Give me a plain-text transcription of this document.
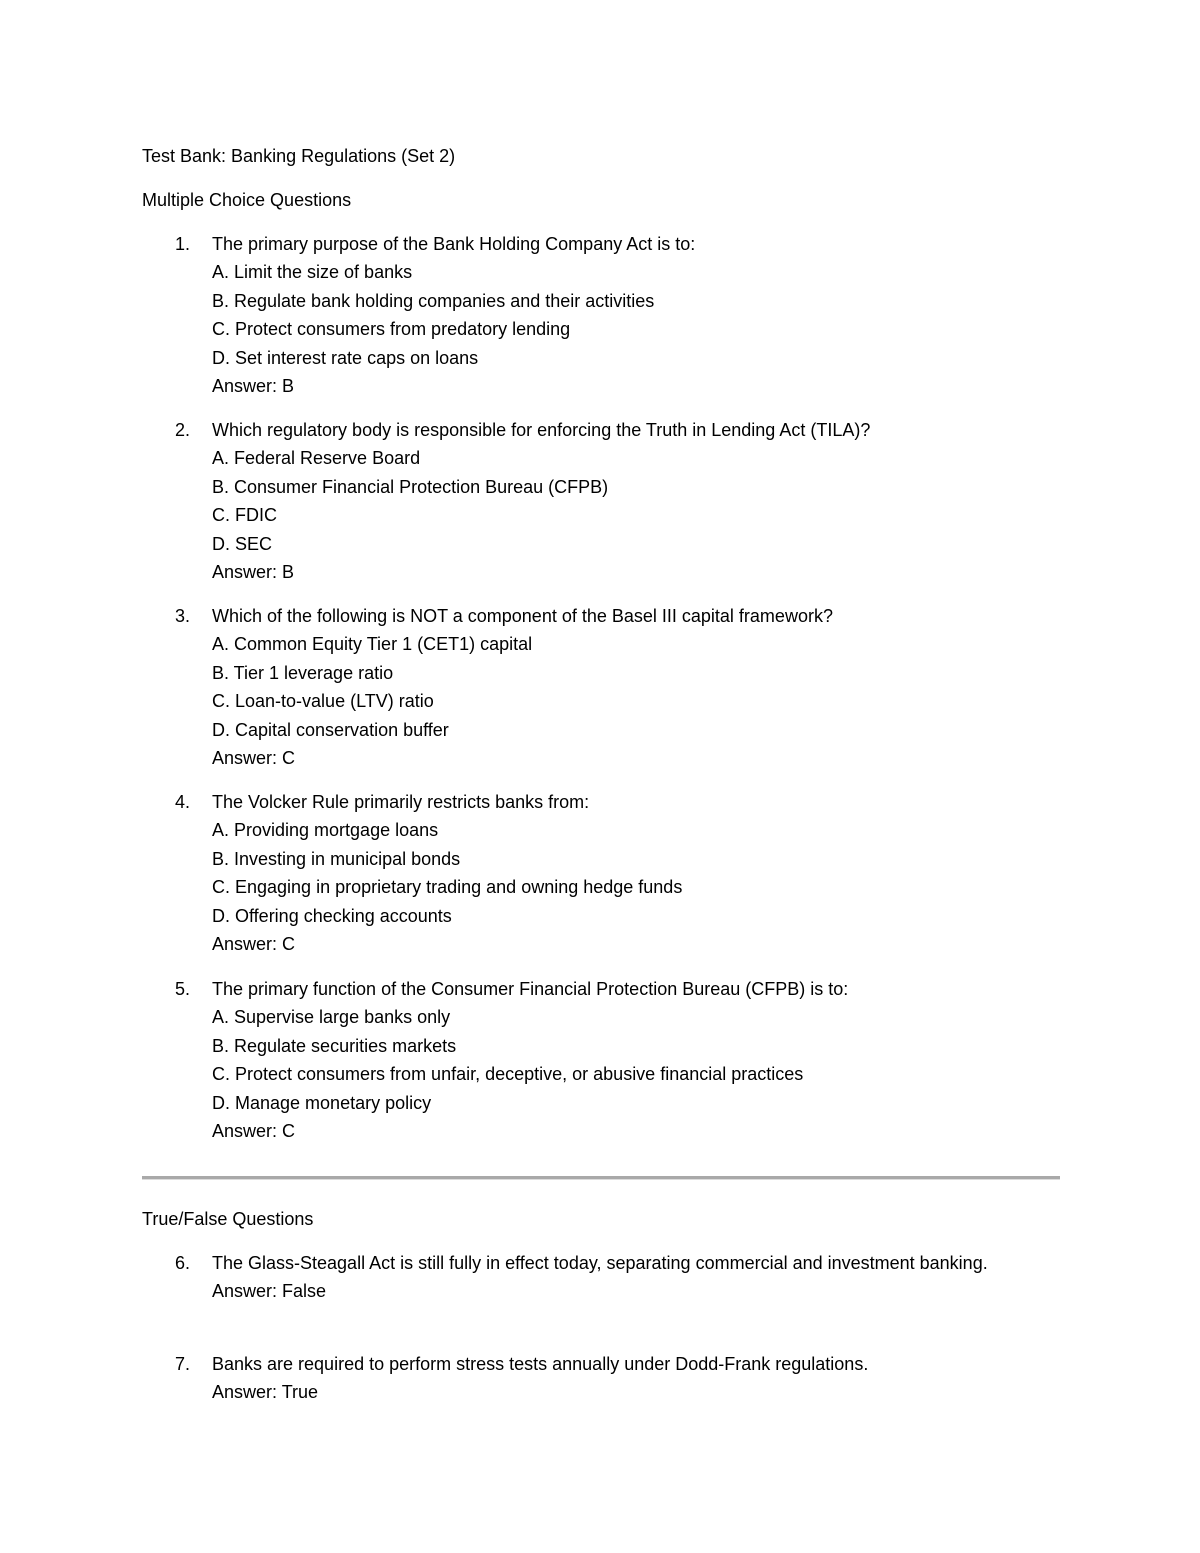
Test Bank: Banking Regulations (Set 2)
Multiple Choice Questions
1. The primary purpose of the Bank Holding Company Act is to:
A. Limit the size of banks
B. Regulate bank holding companies and their activities
C. Protect consumers from predatory lending
D. Set interest rate caps on loans
Answer: B
2. Which regulatory body is responsible for enforcing the Truth in Lending Act (TILA)?
A. Federal Reserve Board
B. Consumer Financial Protection Bureau (CFPB)
C. FDIC
D. SEC
Answer: B
3. Which of the following is NOT a component of the Basel III capital framework?
A. Common Equity Tier 1 (CET1) capital
B. Tier 1 leverage ratio
C. Loan-to-value (LTV) ratio
D. Capital conservation buffer
Answer: C
4. The Volcker Rule primarily restricts banks from:
A. Providing mortgage loans
B. Investing in municipal bonds
C. Engaging in proprietary trading and owning hedge funds
D. Offering checking accounts
Answer: C
5. The primary function of the Consumer Financial Protection Bureau (CFPB) is to:
A. Supervise large banks only
B. Regulate securities markets
C. Protect consumers from unfair, deceptive, or abusive financial practices
D. Manage monetary policy
Answer: C
True/False Questions
6. The Glass-Steagall Act is still fully in effect today, separating commercial and investment banking.
Answer: False
7. Banks are required to perform stress tests annually under Dodd-Frank regulations.
Answer: True
